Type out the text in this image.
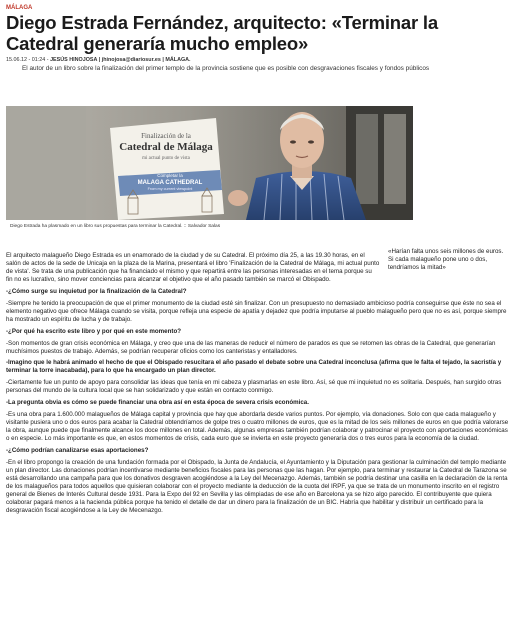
MÁLAGA
Diego Estrada Fernández, arquitecto: «Terminar la Catedral generaría mucho empleo»
15.06.12 - 01:24 - JESÚS HINOJOSA | jhinojosa@diariosur.es | MÁLAGA.
El autor de un libro sobre la finalización del primer templo de la provincia sostiene que es posible con desgravaciones fiscales y fondos públicos
Finalización de la
Catedral de Málaga
mi actual punto de vista
Completar la
MALAGA CATHEDRAL
From my current viewpoint
Diego Estrada ha plasmado en un libro sus propuestas para terminar la Catedral. :: Salvador Salas
«Harían falta unos seis millones de euros. Si cada malagueño pone uno o dos, tendríamos la mitad»

El arquitecto malagueño Diego Estrada es un enamorado de la ciudad y de su Catedral. El próximo día 25, a las 19.30 horas, en el salón de actos de la sede de Unicaja en la plaza de la Marina, presentará el libro 'Finalización de la Catedral de Málaga, mi actual punto de vista'. Se trata de una publicación que ha financiado el mismo y que repartirá entre las personas interesadas en el tema porque su fin no es lucrativo, sino mover conciencias para alcanzar el objetivo que el año pasado también se marcó el Obispado.

-¿Cómo surge su inquietud por la finalización de la Catedral?

-Siempre he tenido la preocupación de que el primer monumento de la ciudad esté sin finalizar. Con un presupuesto no demasiado ambicioso podría conseguirse que éste no sea el elemento negativo que ofrece Málaga cuando se visita, porque refleja una especie de apatía y dejadez que podría imputarse al pueblo malagueño pero que no es así, porque siempre ha mostrado un espíritu de lucha y de trabajo.

-¿Por qué ha escrito este libro y por qué en este momento?

-Son momentos de gran crisis económica en Málaga, y creo que una de las maneras de reducir el número de parados es que se retomen las obras de la Catedral, que generarían muchísimos puestos de trabajo. Además, se podrían recuperar oficios como los canteristas y entalladores.

-Imagino que le habrá animado el hecho de que el Obispado resucitara el año pasado el debate sobre una Catedral inconclusa (afirma que le falta el tejado, la sacristía y terminar la torre inacabada), para lo que ha encargado un plan director.

-Ciertamente fue un punto de apoyo para consolidar las ideas que tenía en mi cabeza y plasmarlas en este libro. Así, sé que mi inquietud no es solitaria. Después, han surgido otras personas del mundo de la cultura local que se han solidarizado y que están en contacto conmigo.

-La pregunta obvia es cómo se puede financiar una obra así en esta época de severa crisis económica.

-Es una obra para 1.600.000 malagueños de Málaga capital y provincia que hay que abordarla desde varios puntos. Por ejemplo, vía donaciones. Solo con que cada malagueño y visitante pusiera uno o dos euros para acabar la Catedral obtendríamos de golpe tres o cuatro millones de euros, que es la mitad de los seis millones de euros en que podría valorarse la obra, aunque puede que finalmente alcance los doce millones en total. Además, algunas empresas también podrían colaborar y patrocinar el proyecto con aportaciones económicas o en especie. Lo más importante es que, en estos momentos de crisis, cada euro que se invierta en este proyecto generaría dos o tres euros para la economía de la ciudad.

-¿Cómo podrían canalizarse esas aportaciones?

-En el libro propongo la creación de una fundación formada por el Obispado, la Junta de Andalucía, el Ayuntamiento y la Diputación para gestionar la culminación del templo mediante un plan director. Las donaciones podrían incentivarse mediante beneficios fiscales para las personas que las hagan. Por ejemplo, para terminar y restaurar la Catedral de Tarazona se está desarrollando una campaña para que los donativos desgraven acogiéndose a la Ley del Mecenazgo. Además, también se podría destinar una casilla en la declaración de la renta de los malagueños para todos aquellos que quisieran colaborar con el proyecto mediante la deducción de la cuota del IRPF, ya que se trata de un monumento inscrito en el registro general de Bienes de Interés Cultural desde 1931. Para la Expo del 92 en Sevilla y las olimpiadas de ese año en Barcelona ya se hizo algo parecido. El contribuyente que quiera colaborar pagará menos a la hacienda pública porque ha tenido el detalle de dar un dinero para la finalización de un BIC. Habría que habilitar y distribuir un certificado para la desgravación fiscal acogiéndose a la Ley de Mecenazgo.
